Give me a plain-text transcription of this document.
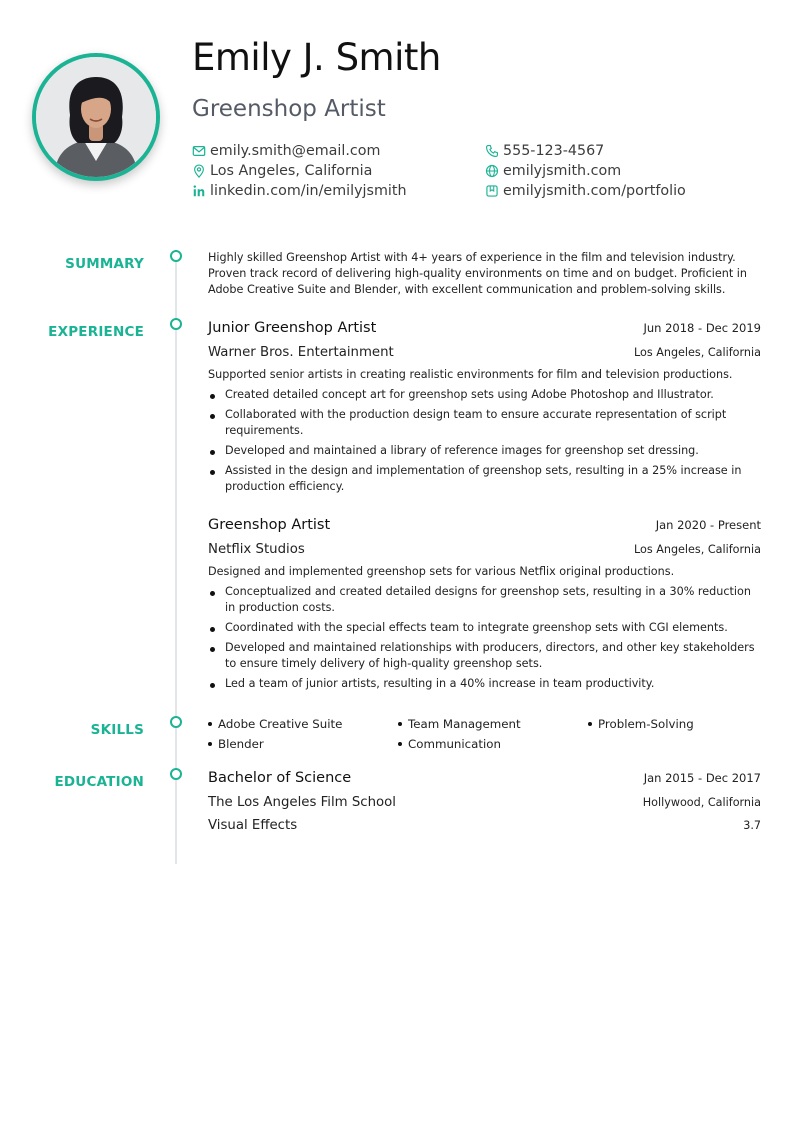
Emily J. Smith
Greenshop Artist
emily.smith@email.com	555-123-4567
Los Angeles, California	emilyjsmith.com
linkedin.com/in/emilyjsmith	emilyjsmith.com/portfolio
SUMMARY
EXPERIENCE
SKILLS
EDUCATION
Highly skilled Greenshop Artist with 4+ years of experience in the film and television industry. Proven track record of delivering high-quality environments on time and on budget. Proficient in Adobe Creative Suite and Blender, with excellent communication and problem-solving skills.
Junior Greenshop Artist	Jun 2018 - Dec 2019
Warner Bros. Entertainment	Los Angeles, California
Supported senior artists in creating realistic environments for film and television productions.
Created detailed concept art for greenshop sets using Adobe Photoshop and Illustrator.
Collaborated with the production design team to ensure accurate representation of script requirements.
Developed and maintained a library of reference images for greenshop set dressing.
Assisted in the design and implementation of greenshop sets, resulting in a 25% increase in production efficiency.
Greenshop Artist	Jan 2020 - Present
Netflix Studios	Los Angeles, California
Designed and implemented greenshop sets for various Netflix original productions.
Conceptualized and created detailed designs for greenshop sets, resulting in a 30% reduction in production costs.
Coordinated with the special effects team to integrate greenshop sets with CGI elements.
Developed and maintained relationships with producers, directors, and other key stakeholders to ensure timely delivery of high-quality greenshop sets.
Led a team of junior artists, resulting in a 40% increase in team productivity.
Adobe Creative Suite	Team Management	Problem-Solving
Blender	Communication
Bachelor of Science	Jan 2015 - Dec 2017
The Los Angeles Film School	Hollywood, California
Visual Effects	3.7
